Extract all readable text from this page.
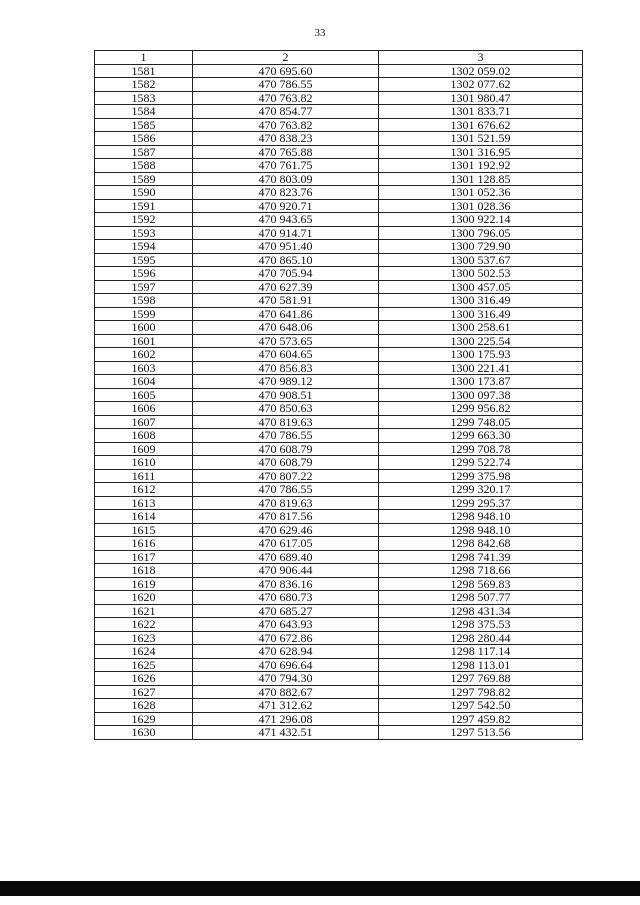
33
1	2	3
1581	470 695.60	1302 059.02
1582	470 786.55	1302 077.62
1583	470 763.82	1301 980.47
1584	470 854.77	1301 833.71
1585	470 763.82	1301 676.62
1586	470 838.23	1301 521.59
1587	470 765.88	1301 316.95
1588	470 761.75	1301 192.92
1589	470 803.09	1301 128.85
1590	470 823.76	1301 052.36
1591	470 920.71	1301 028.36
1592	470 943.65	1300 922.14
1593	470 914.71	1300 796.05
1594	470 951.40	1300 729.90
1595	470 865.10	1300 537.67
1596	470 705.94	1300 502.53
1597	470 627.39	1300 457.05
1598	470 581.91	1300 316.49
1599	470 641.86	1300 316.49
1600	470 648.06	1300 258.61
1601	470 573.65	1300 225.54
1602	470 604.65	1300 175.93
1603	470 856.83	1300 221.41
1604	470 989.12	1300 173.87
1605	470 908.51	1300 097.38
1606	470 850.63	1299 956.82
1607	470 819.63	1299 748.05
1608	470 786.55	1299 663.30
1609	470 608.79	1299 708.78
1610	470 608.79	1299 522.74
1611	470 807.22	1299 375.98
1612	470 786.55	1299 320.17
1613	470 819.63	1299 295.37
1614	470 817.56	1298 948.10
1615	470 629.46	1298 948.10
1616	470 617.05	1298 842.68
1617	470 689.40	1298 741.39
1618	470 906.44	1298 718.66
1619	470 836.16	1298 569.83
1620	470 680.73	1298 507.77
1621	470 685.27	1298 431.34
1622	470 643.93	1298 375.53
1623	470 672.86	1298 280.44
1624	470 628.94	1298 117.14
1625	470 696.64	1298 113.01
1626	470 794.30	1297 769.88
1627	470 882.67	1297 798.82
1628	471 312.62	1297 542.50
1629	471 296.08	1297 459.82
1630	471 432.51	1297 513.56
